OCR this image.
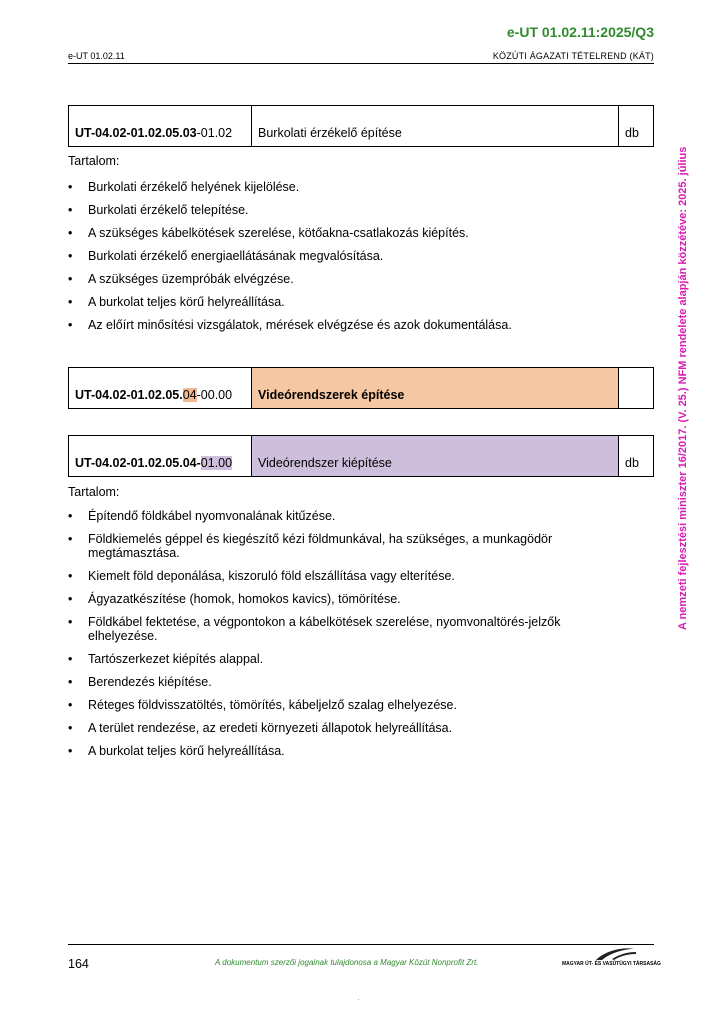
e-UT 01.02.11:2025/Q3
e-UT 01.02.11	KÖZÚTI ÁGAZATI TÉTELREND (KÁT)
A nemzeti fejlesztési miniszter 16/2017. (V. 25.) NFM rendelete alapján közzétéve: 2025. július
UT-04.02-01.02.05.03-01.02	Burkolati érzékelő építése	db
Tartalom:
• Burkolati érzékelő helyének kijelölése.
• Burkolati érzékelő telepítése.
• A szükséges kábelkötések szerelése, kötőakna-csatlakozás kiépítés.
• Burkolati érzékelő energiaellátásának megvalósítása.
• A szükséges üzempróbák elvégzése.
• A burkolat teljes körű helyreállítása.
• Az előírt minősítési vizsgálatok, mérések elvégzése és azok dokumentálása.
UT-04.02-01.02.05.04-00.00	Videórendszerek építése	
UT-04.02-01.02.05.04-01.00	Videórendszer kiépítése	db
Tartalom:
• Építendő földkábel nyomvonalának kitűzése.
• Földkiemelés géppel és kiegészítő kézi földmunkával, ha szükséges, a munkagödör megtámasztása.
• Kiemelt föld deponálása, kiszoruló föld elszállítása vagy elterítése.
• Ágyazatkészítése (homok, homokos kavics), tömörítése.
• Földkábel fektetése, a végpontokon a kábelkötések szerelése, nyomvonaltörés-jelzők elhelyezése.
• Tartószerkezet kiépítés alappal.
• Berendezés kiépítése.
• Réteges földvisszatöltés, tömörítés, kábeljelző szalag elhelyezése.
• A terület rendezése, az eredeti környezeti állapotok helyreállítása.
• A burkolat teljes körű helyreállítása.
164	A dokumentum szerzői jogainak tulajdonosa a Magyar Közút Nonprofit Zrt.	MAGYAR ÚT- ÉS VASÚTÜGYI TÁRSASÁG
·
